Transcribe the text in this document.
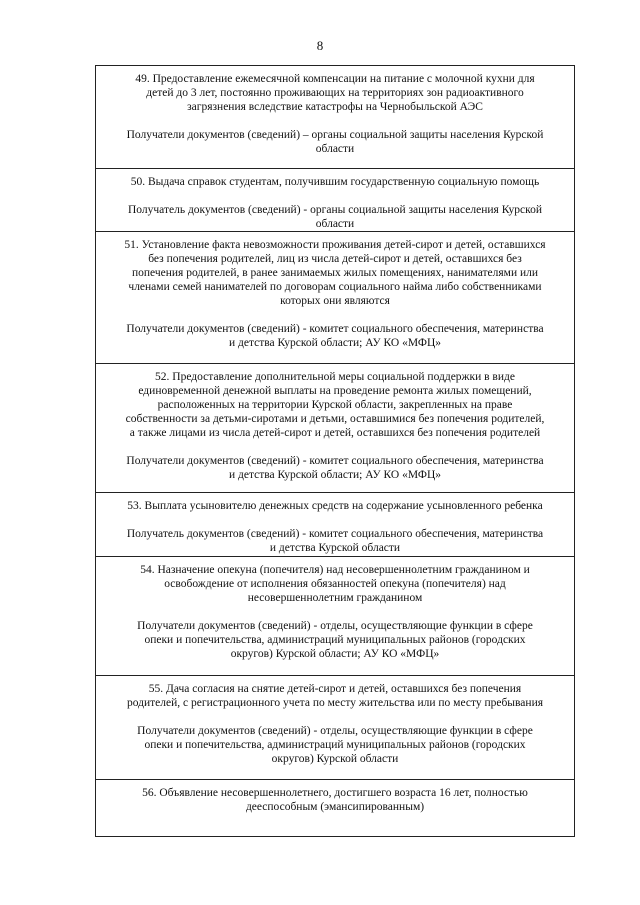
8
49. Предоставление ежемесячной компенсации на питание с молочной кухни для
детей до 3 лет, постоянно проживающих на территориях зон радиоактивного
загрязнения вследствие катастрофы на Чернобыльской АЭС
Получатели документов (сведений) – органы социальной защиты населения Курской
области
50. Выдача справок студентам, получившим государственную социальную помощь
Получатель документов (сведений) - органы социальной защиты населения Курской
области
51. Установление факта невозможности проживания детей-сирот и детей, оставшихся
без попечения родителей, лиц из числа детей-сирот и детей, оставшихся без
попечения родителей, в ранее занимаемых жилых помещениях, нанимателями или
членами семей нанимателей по договорам социального найма либо собственниками
которых они являются
Получатели документов (сведений) - комитет социального обеспечения, материнства
и детства Курской области; АУ КО «МФЦ»
52. Предоставление дополнительной меры социальной поддержки в виде
единовременной денежной выплаты на проведение ремонта жилых помещений,
расположенных на территории Курской области, закрепленных на праве
собственности за детьми-сиротами и детьми, оставшимися без попечения родителей,
а также лицами из числа детей-сирот и детей, оставшихся без попечения родителей
Получатели документов (сведений) - комитет социального обеспечения, материнства
и детства Курской области; АУ КО «МФЦ»
53. Выплата усыновителю денежных средств на содержание усыновленного ребенка
Получатель документов (сведений) - комитет социального обеспечения, материнства
и детства Курской области
54. Назначение опекуна (попечителя) над несовершеннолетним гражданином и
освобождение от исполнения обязанностей опекуна (попечителя) над
несовершеннолетним гражданином
Получатели документов (сведений) - отделы, осуществляющие функции в сфере
опеки и попечительства, администраций муниципальных районов (городских
округов) Курской области; АУ КО «МФЦ»
55. Дача согласия на снятие детей-сирот и детей, оставшихся без попечения
родителей, с регистрационного учета по месту жительства или по месту пребывания
Получатели документов (сведений) - отделы, осуществляющие функции в сфере
опеки и попечительства, администраций муниципальных районов (городских
округов) Курской области
56. Объявление несовершеннолетнего, достигшего возраста 16 лет, полностью
дееспособным (эмансипированным)
